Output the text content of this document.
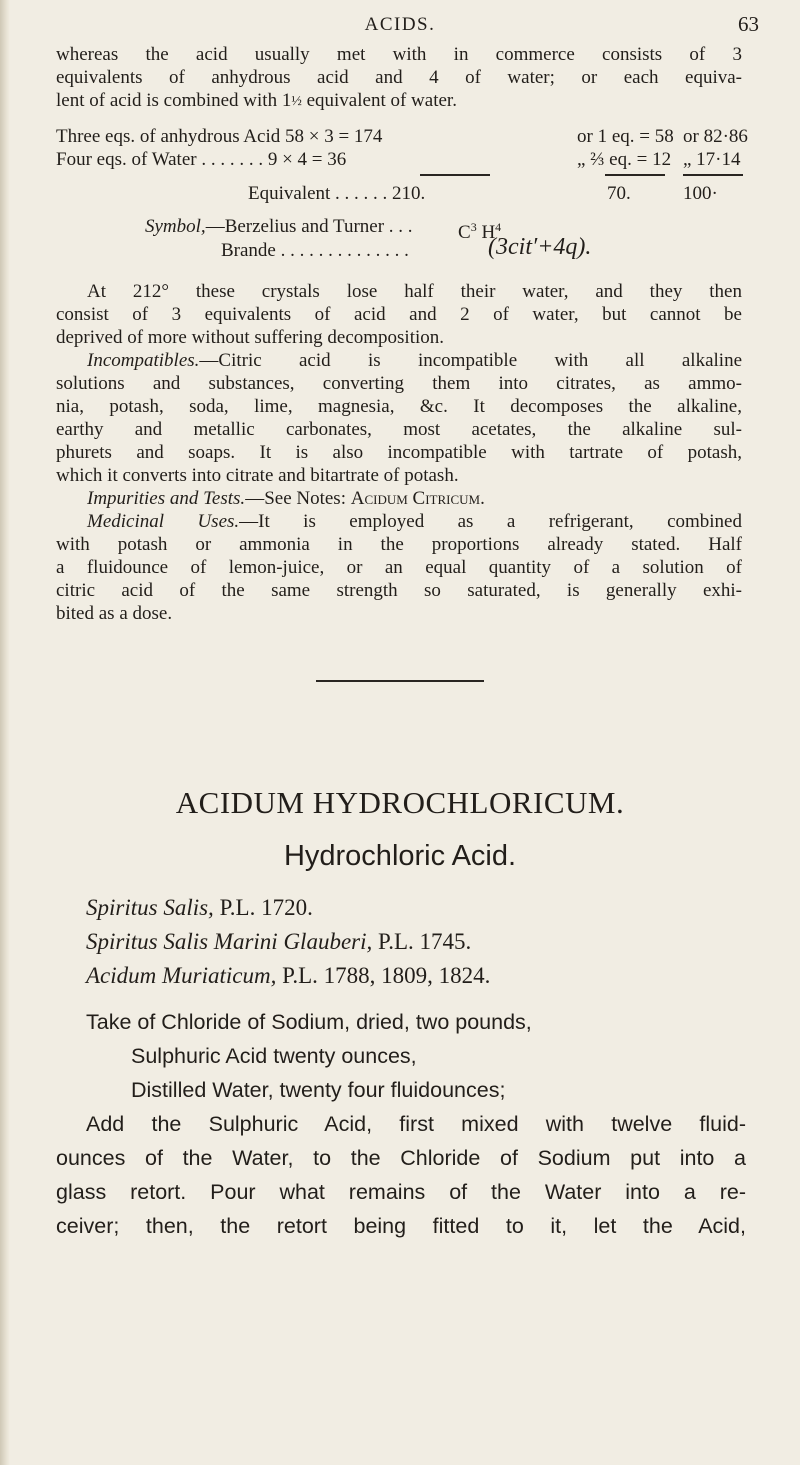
ACIDS.	63
whereas the acid usually met with in commerce consists of 3
equivalents of anhydrous acid and 4 of water; or each equiva-
lent of acid is combined with 1½ equivalent of water.
Three eqs. of anhydrous Acid 58 × 3 = 174	or 1 eq. = 58 or 82·86
Four eqs. of Water . . . . . . . 9 × 4 = 36	„ ⅔ eq. = 12 „ 17·14
Equivalent . . . . . . 210.	70.	100·
Symbol,—Berzelius and Turner . . . $C^3$ $H^4$
Brande . . . . . . . . . . . . . .	(3cit′+4q).
At 212° these crystals lose half their water, and they then
consist of 3 equivalents of acid and 2 of water, but cannot be
deprived of more without suffering decomposition.
Incompatibles.—Citric acid is incompatible with all alkaline
solutions and substances, converting them into citrates, as ammo-
nia, potash, soda, lime, magnesia, &c. It decomposes the alkaline,
earthy and metallic carbonates, most acetates, the alkaline sul-
phurets and soaps. It is also incompatible with tartrate of potash,
which it converts into citrate and bitartrate of potash.
Impurities and Tests.—See Notes: Acidum Citricum.
Medicinal Uses.—It is employed as a refrigerant, combined
with potash or ammonia in the proportions already stated. Half
a fluidounce of lemon-juice, or an equal quantity of a solution of
citric acid of the same strength so saturated, is generally exhi-
bited as a dose.
ACIDUM HYDROCHLORICUM.
Hydrochloric Acid.
Spiritus Salis, P.L. 1720.
Spiritus Salis Marini Glauberi, P.L. 1745.
Acidum Muriaticum, P.L. 1788, 1809, 1824.
Take of Chloride of Sodium, dried, two pounds,
Sulphuric Acid twenty ounces,
Distilled Water, twenty four fluidounces;
Add the Sulphuric Acid, first mixed with twelve fluid-
ounces of the Water, to the Chloride of Sodium put into a
glass retort. Pour what remains of the Water into a re-
ceiver; then, the retort being fitted to it, let the Acid,
